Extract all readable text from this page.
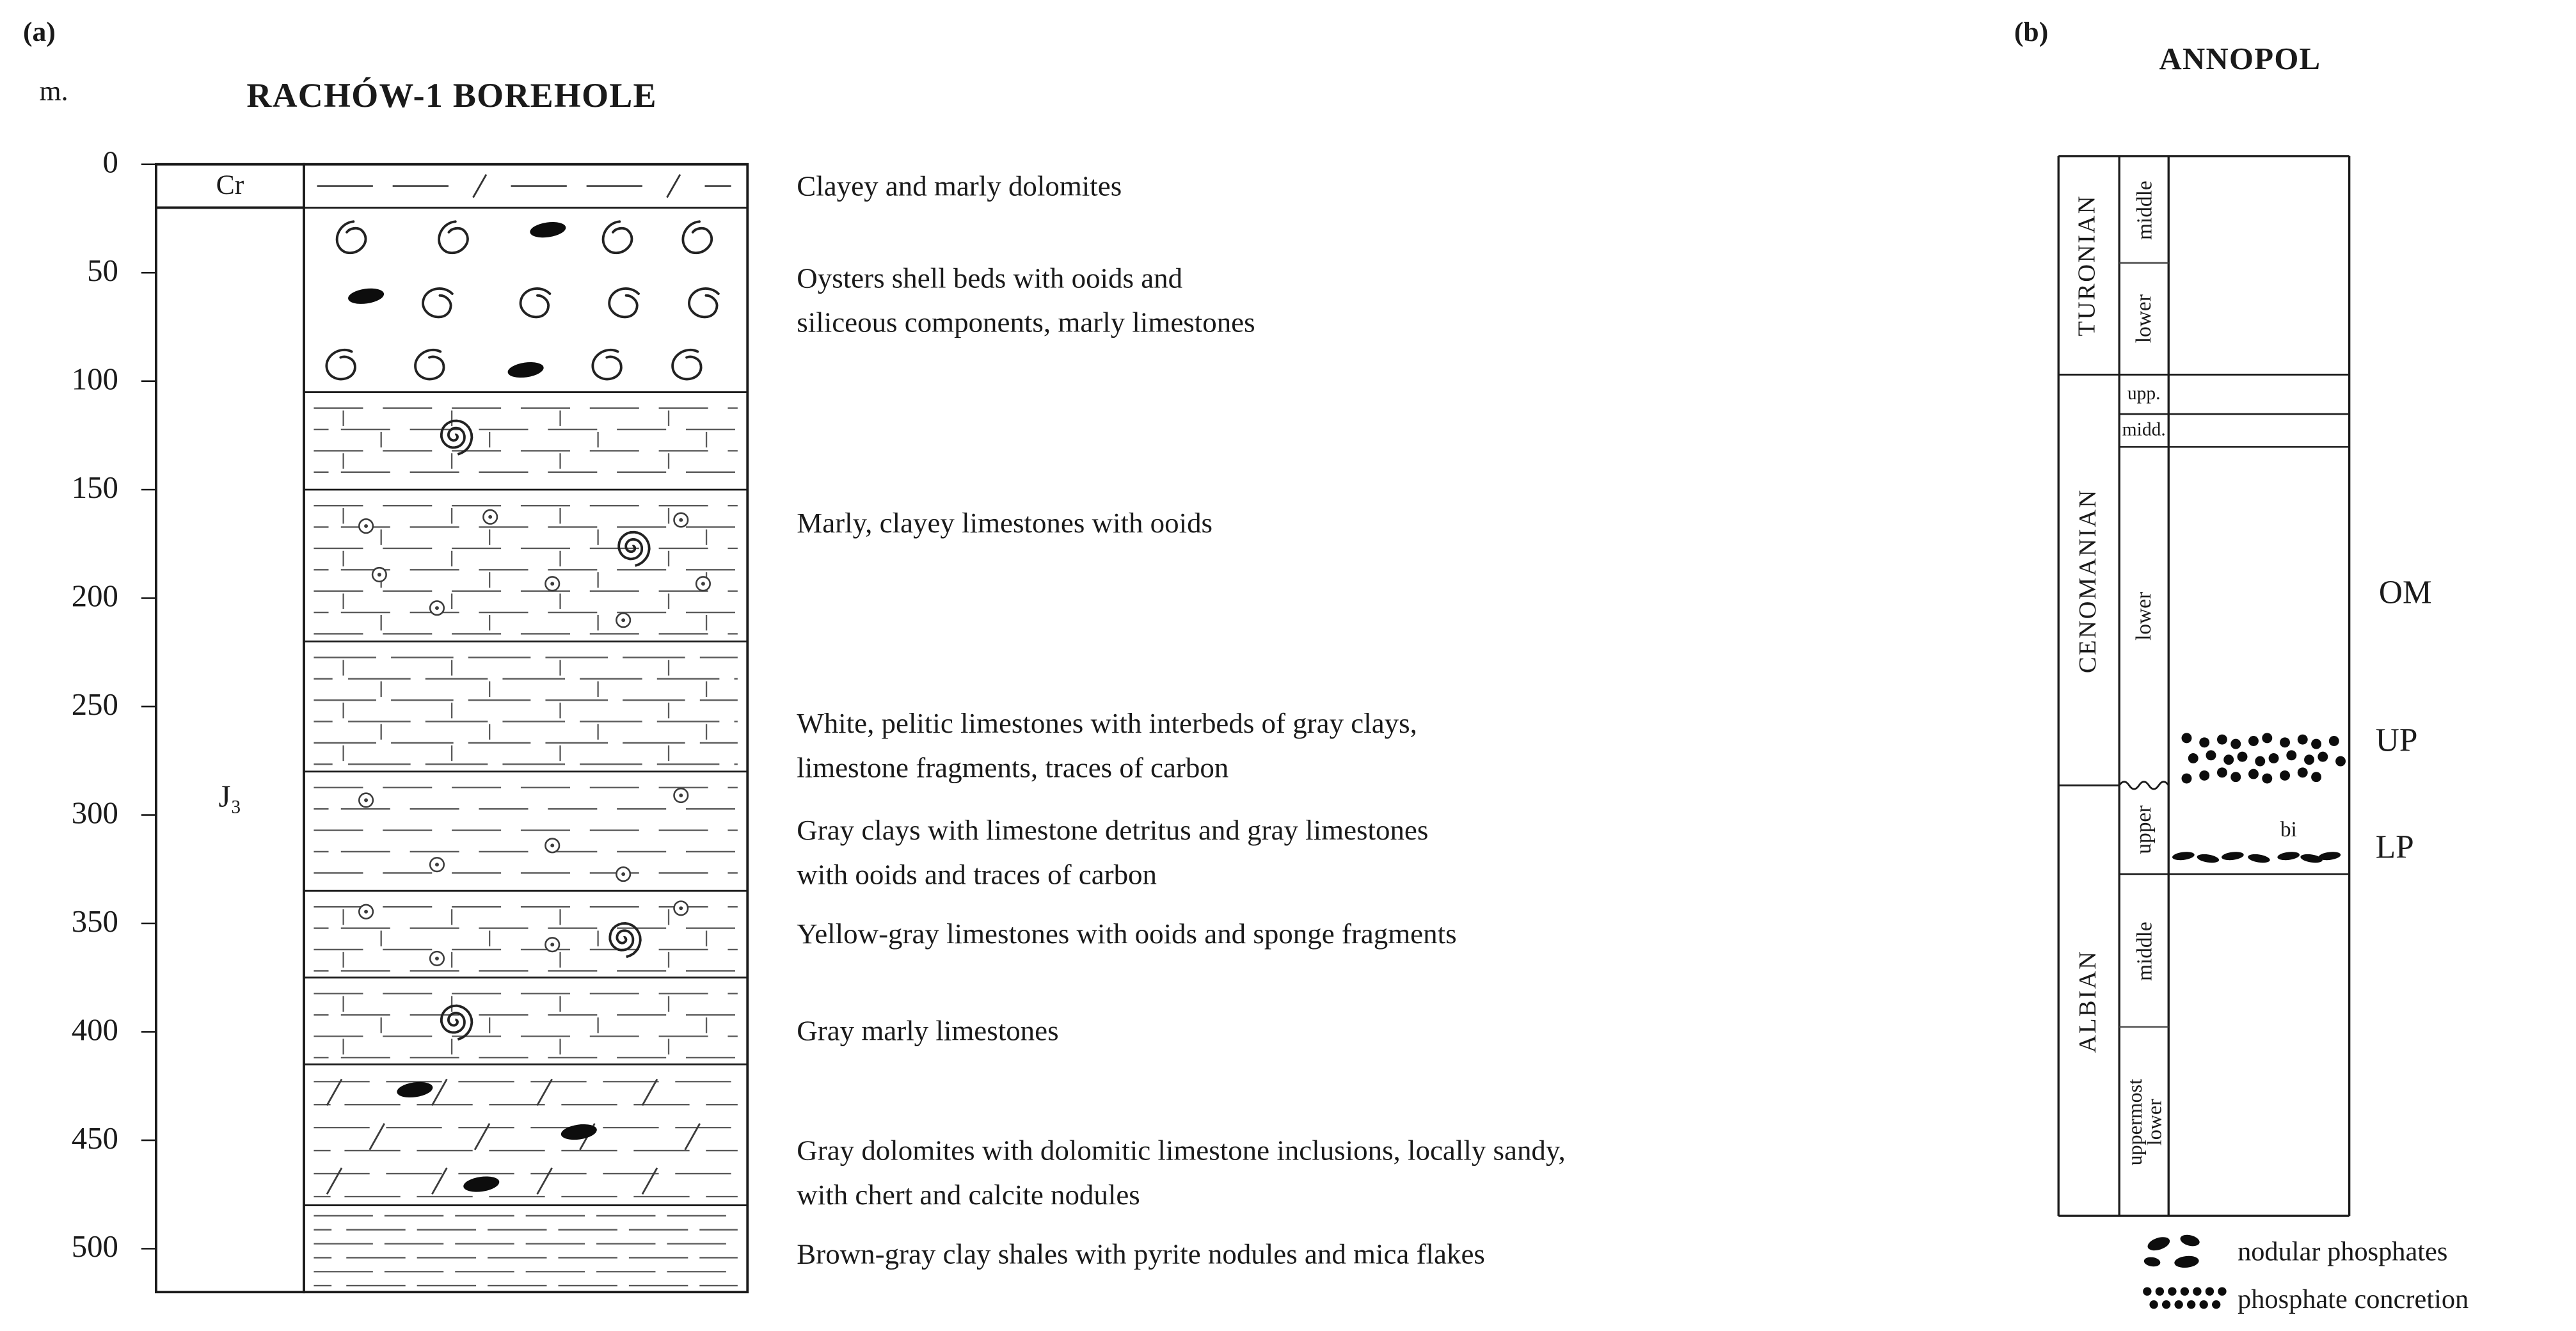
(a)
m.	RACHÓW-1 BOREHOLE
Cr
J₃
(b)
ANNOPOL
OM
UP
LP
bi
nodular phosphates
phosphate concretion
0
50
100
150
200
250
300
350
400
450
500
Clayey and marly dolomites
Oysters shell beds with ooids and
siliceous components, marly limestones
Marly, clayey limestones with ooids
White, pelitic limestones with interbeds of gray clays,
limestone fragments, traces of carbon
Gray clays with limestone detritus and gray limestones
with ooids and traces of carbon
Yellow-gray limestones with ooids and sponge fragments
Gray marly limestones
Gray dolomites with dolomitic limestone inclusions, locally sandy,
with chert and calcite nodules
Brown-gray clay shales with pyrite nodules and mica flakes
TURONIAN
CENOMANIAN
ALBIAN
middle
lower
upp.
midd.
lower
upper
middle
uppermost
lower
